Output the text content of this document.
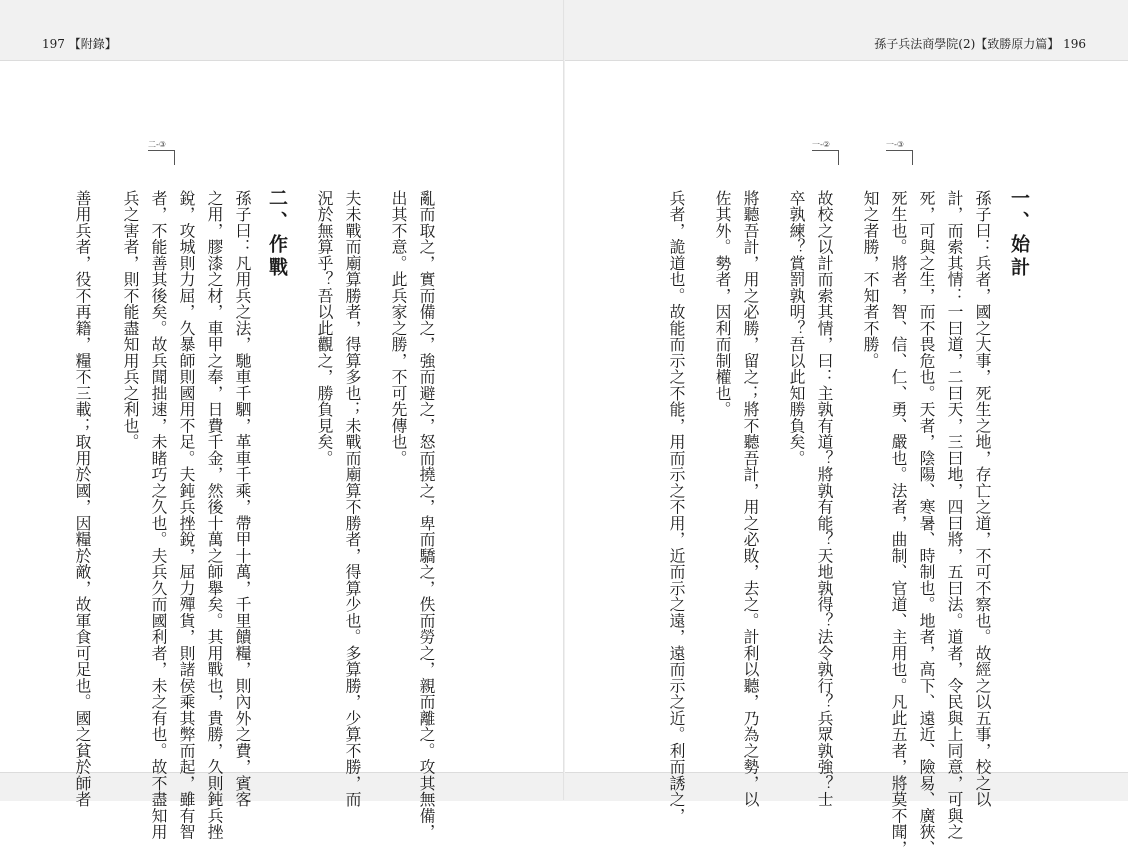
197 【附錄】	孫子兵法商學院(2)【致勝原力篇】 196
一、始計
一-③
一-②
孫子曰：兵者，國之大事，死生之地，存亡之道，不可不察也。故經之以五事，校之以
計，而索其情：一曰道，二曰天，三曰地，四曰將，五曰法。道者，令民與上同意，可與之
死，可與之生，而不畏危也。天者，陰陽、寒暑、時制也。地者，高下、遠近、險易、廣狹、
死生也。將者，智、信、仁、勇、嚴也。法者，曲制、官道、主用也。凡此五者，將莫不聞，
知之者勝，不知者不勝。
故校之以計而索其情，曰：主孰有道？將孰有能？天地孰得？法令孰行？兵眾孰強？士
卒孰練？賞罰孰明？吾以此知勝負矣。
將聽吾計，用之必勝，留之；將不聽吾計，用之必敗，去之。計利以聽，乃為之勢，以
佐其外。勢者，因利而制權也。
兵者，詭道也。故能而示之不能，用而示之不用，近而示之遠，遠而示之近。利而誘之，
亂而取之，實而備之，強而避之，怒而撓之，卑而驕之，佚而勞之，親而離之。攻其無備，
出其不意。此兵家之勝，不可先傳也。
夫未戰而廟算勝者，得算多也；未戰而廟算不勝者，得算少也。多算勝，少算不勝，而
況於無算乎？吾以此觀之，勝負見矣。
二、作戰
二-③
孫子曰：凡用兵之法，馳車千駟，革車千乘，帶甲十萬，千里饋糧，則內外之費，賓客
之用，膠漆之材，車甲之奉，日費千金，然後十萬之師舉矣。其用戰也，貴勝，久則鈍兵挫
銳，攻城則力屈，久暴師則國用不足。夫鈍兵挫銳，屈力殫貨，則諸侯乘其弊而起，雖有智
者，不能善其後矣。故兵聞拙速，未睹巧之久也。夫兵久而國利者，未之有也。故不盡知用
兵之害者，則不能盡知用兵之利也。
善用兵者，役不再籍，糧不三載；取用於國，因糧於敵，故軍食可足也。國之貧於師者
